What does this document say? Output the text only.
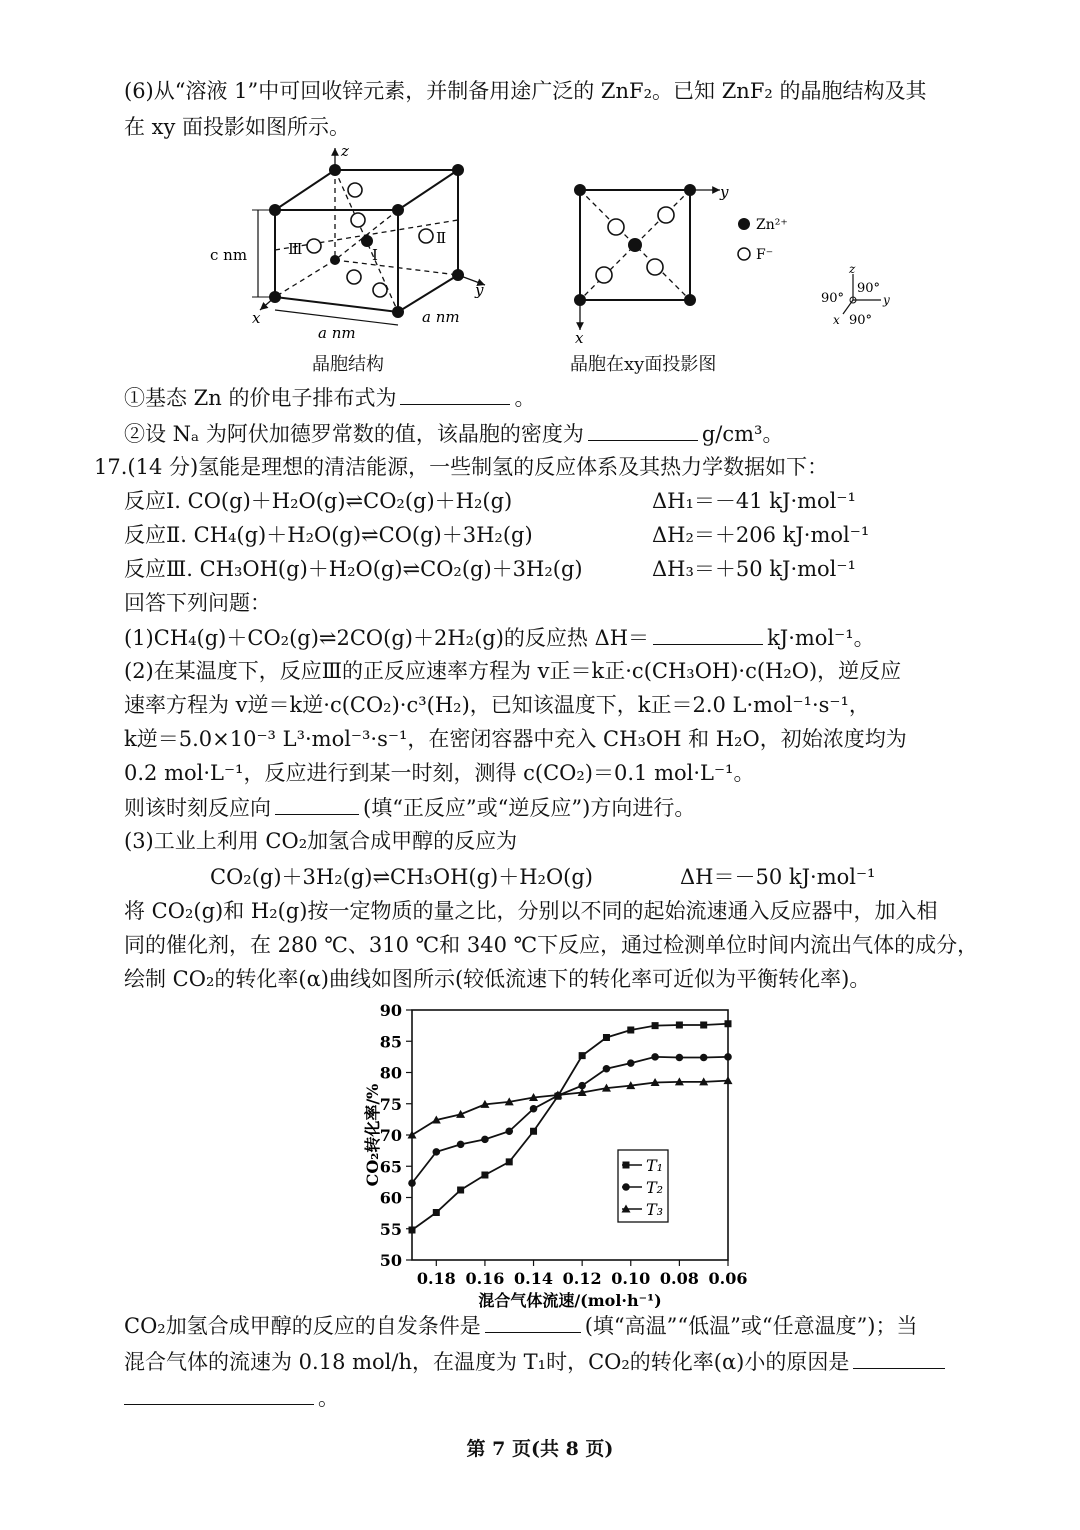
(6)从“溶液 1”中可回收锌元素，并制备用途广泛的 ZnF₂。已知 ZnF₂ 的晶胞结构及其
在 xy 面投影如图所示。
z
y
x
c nm
a nm
a nm
Ⅰ
Ⅱ
Ⅲ
y
x
Zn²⁺
F⁻
z
y
x
90°
90°
90°
晶胞结构	晶胞在xy面投影图
①基态 Zn 的价电子排布式为	。
②设 Nₐ 为阿伏加德罗常数的值，该晶胞的密度为	g/cm³。
17.(14 分)氢能是理想的清洁能源，一些制氢的反应体系及其热力学数据如下：
反应Ⅰ. CO(g)＋H₂O(g)⇌CO₂(g)＋H₂(g)	ΔH₁＝－41 kJ·mol⁻¹
反应Ⅱ. CH₄(g)＋H₂O(g)⇌CO(g)＋3H₂(g)	ΔH₂＝＋206 kJ·mol⁻¹
反应Ⅲ. CH₃OH(g)＋H₂O(g)⇌CO₂(g)＋3H₂(g)	ΔH₃＝＋50 kJ·mol⁻¹
回答下列问题：
(1)CH₄(g)＋CO₂(g)⇌2CO(g)＋2H₂(g)的反应热 ΔH＝	kJ·mol⁻¹。
(2)在某温度下，反应Ⅲ的正反应速率方程为 v正＝k正·c(CH₃OH)·c(H₂O)，逆反应
速率方程为 v逆＝k逆·c(CO₂)·c³(H₂)，已知该温度下，k正＝2.0 L·mol⁻¹·s⁻¹，
k逆＝5.0×10⁻³ L³·mol⁻³·s⁻¹，在密闭容器中充入 CH₃OH 和 H₂O，初始浓度均为
0.2 mol·L⁻¹，反应进行到某一时刻，测得 c(CO₂)＝0.1 mol·L⁻¹。
则该时刻反应向	(填“正反应”或“逆反应”)方向进行。
(3)工业上利用 CO₂加氢合成甲醇的反应为
CO₂(g)＋3H₂(g)⇌CH₃OH(g)＋H₂O(g)	ΔH＝－50 kJ·mol⁻¹
将 CO₂(g)和 H₂(g)按一定物质的量之比，分别以不同的起始流速通入反应器中，加入相
同的催化剂，在 280 ℃、310 ℃和 340 ℃下反应，通过检测单位时间内流出气体的成分，
绘制 CO₂的转化率(α)曲线如图所示(较低流速下的转化率可近似为平衡转化率)。
50
55
60
65
70
75
80
85
90
0.18 0.16 0.14 0.12 0.10 0.08 0.06
混合气体流速/(mol·h⁻¹)
CO₂转化率/%	T₁
T₂
T₃
CO₂加氢合成甲醇的反应的自发条件是	(填“高温”“低温”或“任意温度”)；当
混合气体的流速为 0.18 mol/h，在温度为 T₁时，CO₂的转化率(α)小的原因是
。
第 7 页(共 8 页)
